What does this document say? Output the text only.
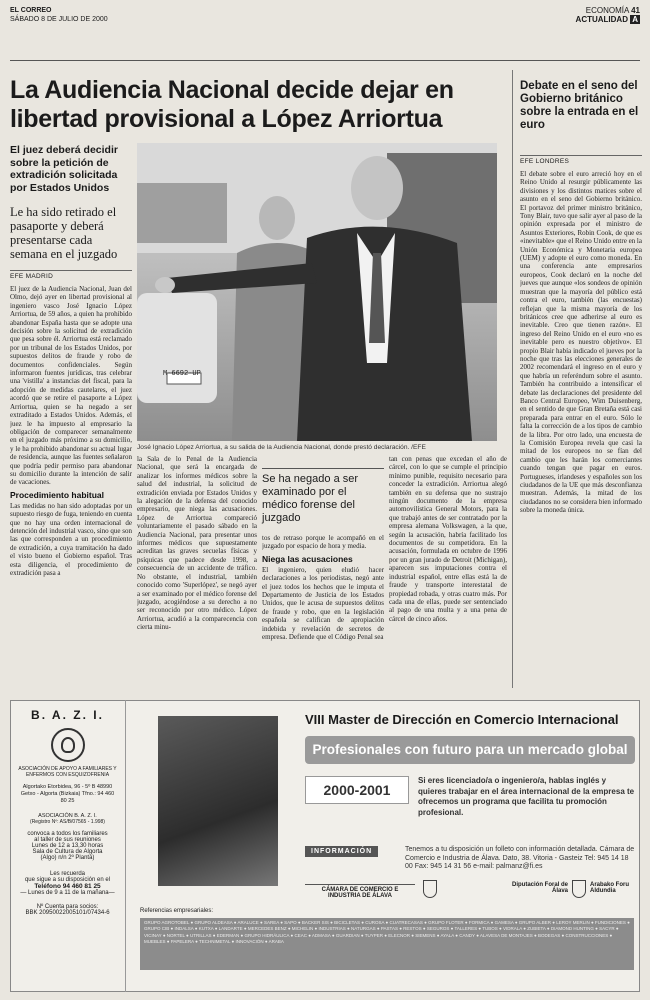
EL CORREO
SÁBADO 8 DE JULIO DE 2000
ECONOMÍA 41
ACTUALIDAD A
La Audiencia Nacional decide dejar en libertad provisional a López Arriortua
Debate en el seno del Gobierno británico sobre la entrada en el euro
EFE LONDRES
El debate sobre el euro arreció hoy en el Reino Unido al resurgir públicamente las divisiones y los distintos matices sobre el asunto en el seno del Gobierno británico. El portavoz del primer ministro británico, Tony Blair, tuvo que salir ayer al paso de la opinión expresada por el ministro de Asuntos Exteriores, Robin Cook, de que es «inevitable» que el Reino Unido entre en la Unión Económica y Monetaria europea (UEM) y adopte el euro como moneda. En una conferencia ante empresarios europeos, Cook declaró en la noche del jueves que aunque «los sondeos de opinión muestran que la mayoría del público está contra el euro, también (las encuestas) reflejan que la misma mayoría de los británicos cree que adherirse al euro es inevitable. Creo que tienen razón». El ingreso del Reino Unido en el euro «no es inevitable pero es nuestro objetivo». El propio Blair había indicado el jueves por la noche que tras las elecciones generales de 2002 recomendará el ingreso en el euro y que habría un referéndum sobre el asunto. También ha contribuido a intensificar el debate las declaraciones del presidente del Banco Central Europeo, Wim Duisenberg, en el sentido de que Gran Bretaña está casi preparada para entrar en el euro. Sólo le falta la corrección de a los tipos de cambio de la libra. Por otro lado, una encuesta de la Comisión Europea revela que casi la mitad de los europeos no se fían del cambio que les harán los comerciantes cuando tengan que pagar en euros. Portugueses, irlandeses y españoles son los ciudadanos de la UE que más desconfianza muestran. Además, la mitad de los ciudadanos no se considera bien informado sobre la moneda única.
El juez deberá decidir sobre la petición de extradición solicitada por Estados Unidos
Le ha sido retirado el pasaporte y deberá presentarse cada semana en el juzgado
EFE MADRID
El juez de la Audiencia Nacional, Juan del Olmo, dejó ayer en libertad provisional al ingeniero vasco José Ignacio López Arriortua, de 59 años, a quien ha prohibido abandonar España hasta que se adopte una decisión sobre la solicitud de extradición que pesa sobre él. Arriortua está reclamado por un tribunal de los Estados Unidos, por supuestos delitos de fraude y robo de documentos confidenciales. Según informaron fuentes jurídicas, tras celebrar una 'vistilla' a instancias del fiscal, para la adopción de medidas cautelares, el juez acordó que se retire el pasaporte a López Arriortua, quien se ha negado a ser extraditado a Estados Unidos. Además, el juez le ha impuesto al empresario la obligación de comparecer semanalmente en el juzgado más próximo a su domicilio, y le ha prohibido abandonar su actual lugar de residencia, aunque las fuentes señalaron que podría pedir permiso para abandonar su domicilio durante la intención de salir de vacaciones.
Procedimiento habitual
Las medidas no han sido adoptadas por un supuesto riesgo de fuga, teniendo en cuenta que no hay una orden internacional de detención del industrial vasco, sino que son las que corresponden a un procedimiento de extradición, a cuya tramitación ha dado el visto bueno el Gobierno español. Tras esta diligencia, el procedimiento de extradición pasa a
M-6692-UP
José Ignacio López Arriortua, a su salida de la Audiencia Nacional, donde prestó declaración. /EFE
la Sala de lo Penal de la Audiencia Nacional, que será la encargada de analizar los informes médicos sobre la salud del industrial, la solicitud de extradición enviada por Estados Unidos y la alegación de la defensa del conocido empresario, que niega las acusaciones. López de Arriortua compareció voluntariamente el pasado sábado en la Audiencia Nacional, para presentar unos informes médicos que supuestamente acreditan las graves secuelas físicas y psíquicas que padece desde 1998, a consecuencia de un accidente de tráfico. No obstante, el industrial, también conocido como 'Superlópez', se negó ayer a ser examinado por el médico forense del juzgado, acogiéndose a su derecho a no ser reconocido por otro médico. López Arriortua, acudió a la comparecencia con cierta minu-
Se ha negado a ser examinado por el médico forense del juzgado
tos de retraso porque le acompañó en el juzgado por espacio de hora y media.
Niega las acusaciones
El ingeniero, quien eludió hacer declaraciones a los periodistas, negó ante el juez todos los hechos que le imputa el Departamento de Justicia de los Estados Unidos, que le acusa de supuestos delitos de fraude y robo, que en la legislación española se califican de apropiación indebida y revelación de secretos de empresa. Defiende que el Código Penal sea
tan con penas que excedan el año de cárcel, con lo que se cumple el principio mínimo punible, requisito necesario para conceder la extradición. Arriortua alegó también en su defensa que no sustrajo ningún documento de la empresa automovilística General Motors, para la que trabajó antes de ser contratado por la empresa alemana Volkswagen, a la que, según la acusación, habría facilitado los documentos de su competidora. En la acusación, formulada en octubre de 1996 por un gran jurado de Detroit (Michigan), aparecen sus imputaciones contra el industrial español, entre ellas está la de fraude y transporte interestatal de propiedad robada, y otras cuatro más. Por cada una de ellas, puede ser sentenciado al pago de una multa y a una pena de cárcel de cinco años.
B. A. Z. I.
ASOCIACIÓN DE APOYO A FAMILIARES Y ENFERMOS CON ESQUIZOFRENIA
Algortako Etorbidea, 96 - 5º B 48990 Getxo - Algorta (Bizkaia) Tfno.: 94 460 80 25
ASOCIACIÓN B. A. Z. I.
(Registro Nº: AS/B/07565 - 1.998)
convoca a todos los familiares
al taller de sus reuniones
Lunes de 12 a 13,30 horas
Sala de Cultura de Algorta
(Algo) n/n 2º Planta)
Les recuerda
que sigue a su disposición en el
Teléfono 94 460 81 25
— Lunes de 9 a 11 de la mañana—
Nº Cuenta para socios:
BBK 20950022005101/07434-6
VIII Master de Dirección en Comercio Internacional
Profesionales con futuro para un mercado global
2000-2001
Si eres licenciado/a o ingeniero/a, hablas inglés y quieres trabajar en el área internacional de la empresa te ofrecemos un programa que facilita tu promoción profesional.
INFORMACIÓN	Tenemos a tu disposición un folleto con información detallada. Cámara de Comercio e Industria de Álava. Dato, 38. Vitoria - Gasteiz Tel: 945 14 18 00 Fax: 945 14 31 56 e-mail: palmanz@fi.es
CÁMARA DE COMERCIO E INDUSTRIA DE ÁLAVA
Diputación Foral de Álava
Arabako Foru Aldundia
Referencias empresariales:
GRUPO AGROTOBEL ● GRUPO ALDEASA ● ARALUCE ● SAREA ● SAPO ● BACKER SIS ● BICICLETAS ● CUROSA ● CUATRECASAS ● GRUPO FLOTER ● FORMICA ● GAMESA ● GRUPO ALBER ● LEROY MERLIN ● FUNDICIONES ● GRUPO CIB ● INDALSA ● KUTXA ● LANDARTE ● MERCEDES BENZ ● MICHELIN ● INDUSTRIAS ● NATURGAS ● PASTAS ● RESTOS ● SEGUROS ● TALLERES ● TUBOS ● VIDRALA ● ZUBIETA ● DIAMOND HUNTING ● SACYR ● VICINAY ● NORTEL ● UTRILLAS ● EDERMAN ● GRUPO HIDRÁULICA ● CEAC ● ADMASA ● GUARDIAN ● TUYPER ● ELECNOR ● SIEMENS ● AYALA ● CANDY ● ALAVESA DE MONTAJES ● BODEGAS ● CONSTRUCCIONES ● MUEBLES ● PAPELERA ● TECHNIMETAL ● INNOVACIÓN ● ARABA
